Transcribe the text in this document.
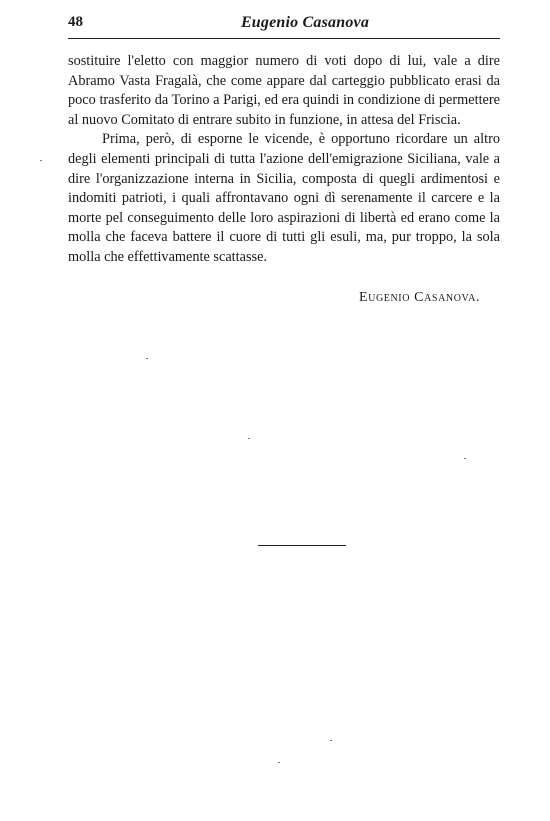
48	Eugenio Casanova

sostituire l'eletto con maggior numero di voti dopo di lui, vale a dire Abramo Vasta Fragalà, che come appare dal carteggio pubblicato erasi da poco trasferito da Torino a Parigi, ed era quindi in condizione di permettere al nuovo Comitato di entrare subito in funzione, in attesa del Friscia.

Prima, però, di esporne le vicende, è opportuno ricordare un altro degli elementi principali di tutta l'azione dell'emigrazione Siciliana, vale a dire l'organizzazione interna in Sicilia, composta di quegli ardimentosi e indomiti patrioti, i quali affrontavano ogni dì serenamente il carcere e la morte pel conseguimento delle loro aspirazioni di libertà ed erano come la molla che faceva battere il cuore di tutti gli esuli, ma, pur troppo, la sola molla che effettivamente scattasse.

Eugenio Casanova.
